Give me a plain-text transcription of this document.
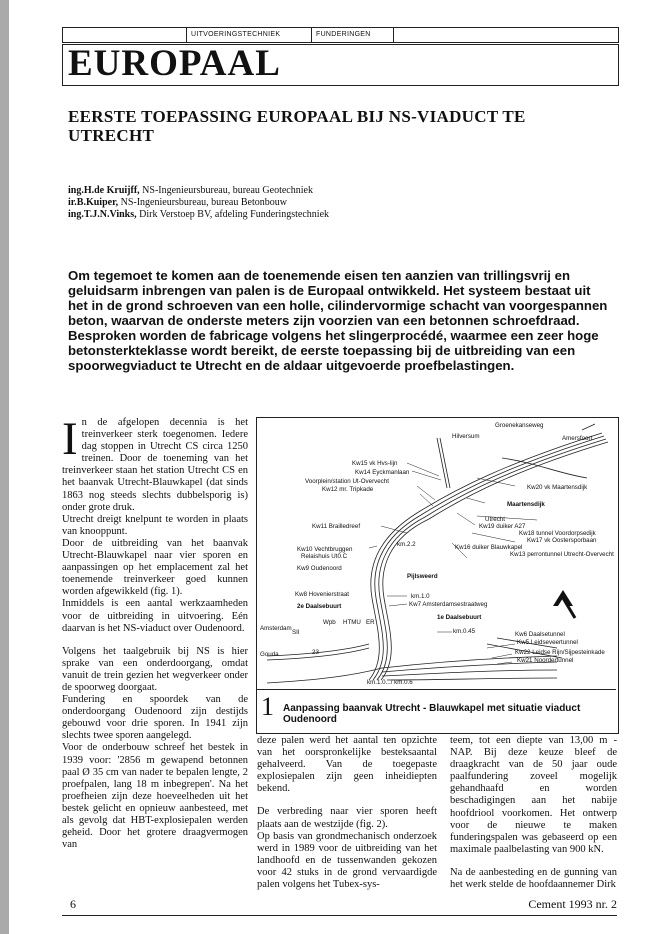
UITVOERINGSTECHNIEK	FUNDERINGEN
EUROPAAL
EERSTE TOEPASSING EUROPAAL BIJ NS-VIADUCT TE UTRECHT
ing.H.de Kruijff, NS-Ingenieursbureau, bureau Geotechniek
ir.B.Kuiper, NS-Ingenieursbureau, bureau Betonbouw
ing.T.J.N.Vinks, Dirk Verstoep BV, afdeling Funderingstechniek

Om tegemoet te komen aan de toenemende eisen ten aanzien van trillingsvrij en geluidsarm inbrengen van palen is de Europaal ontwikkeld. Het systeem bestaat uit het in de grond schroeven van een holle, cilindervormige schacht van voorgespannen beton, waarvan de onderste meters zijn voorzien van een betonnen schroefdraad.

Besproken worden de fabricage volgens het slingerprocédé, waarmee een zeer hoge betonsterkteklasse wordt bereikt, de eerste toepassing bij de uitbreiding van een spoorwegviaduct te Utrecht en de aldaar uitgevoerde proefbelastingen.

In de afgelopen decennia is het treinverkeer sterk toegenomen. Iedere dag stoppen in Utrecht CS circa 1250 treinen. Door de toeneming van het treinverkeer staan het station Utrecht CS en het baanvak Utrecht-Blauwkapel (dat sinds 1863 nog steeds slechts dubbelsporig is) onder grote druk.

Utrecht dreigt knelpunt te worden in plaats van knooppunt.

Door de uitbreiding van het baanvak Utrecht-Blauwkapel naar vier sporen en aanpassingen op het emplacement zal het toenemende treinverkeer goed kunnen worden afgewikkeld (fig. 1).

Inmiddels is een aantal werkzaamheden voor de uitbreiding in uitvoering. Eén daarvan is het NS-viaduct over Oudenoord.

Volgens het taalgebruik bij NS is hier sprake van een onderdoorgang, omdat vanuit de trein gezien het wegverkeer onder de spoorweg doorgaat.

Fundering en spoordek van de onderdoorgang Oudenoord zijn destijds gebouwd voor drie sporen. In 1941 zijn slechts twee sporen aangelegd.

Voor de onderbouw schreef het bestek in 1939 voor: '2856 m gewapend betonnen paal Ø 35 cm van nader te bepalen lengte, 2 proefpalen, lang 18 m inbegrepen'. Na het proefheien zijn deze hoeveelheden uit het bestek gelicht en opnieuw aanbesteed, met als gevolg dat HBT-explosiepalen werden geheid. Door het grotere draagvermogen van

Groenekanseweg
Amersfoort
Hilversum
Kw15 vk Hvs-lijn
Kw14 Eyckmanlaan
Voorplein/station Ut-Overvecht
Kw12 mr. Tripkade	Kw20 vk Maartensdijk
Maartensdijk
Kw11 Brailledreef	Kw19 duiker A27
Kw18 tunnel Voordorpsedijk
Kw17 vk Oostersporbaan
Kw16 duiker Blauwkapel
Kw13 perrontunnel Utrecht-Overvecht
Utrecht
Kw10 Vechtbruggen
Relaishuis Ut0.C
km.2.2
Kw9 Oudenoord
Pijlsweerd
Kw8 Hovenierstraat	km.1.0
2e Daalsebuurt	Kw7 Amsterdamsestraatweg
1e Daalsebuurt
Amsterdam
SII
Wpb HTMU ER
km.0.45	Kw6 Daalsetunnel
Kw5 Leidseveertunnel
Kw22 Leidse Rijn/Sijpesteinkade
Kw21 Noordertunnel
Gouda	23
km.1.0.../ km.0.6
1 Aanpassing baanvak Utrecht - Blauwkapel met situatie viaduct Oudenoord

deze palen werd het aantal ten opzichte van het oorspronkelijke besteksaantal gehalveerd. Van de toegepaste explosiepalen zijn geen inheidiepten bekend.

De verbreding naar vier sporen heeft plaats aan de westzijde (fig. 2).

Op basis van grondmechanisch onderzoek werd in 1989 voor de uitbreiding van het landhoofd en de tussenwanden gekozen voor 42 stuks in de grond vervaardigde palen volgens het Tubex-sys-

teem, tot een diepte van 13,00 m - NAP. Bij deze keuze bleef de draagkracht van de 50 jaar oude paalfundering zoveel mogelijk gehandhaafd en worden beschadigingen aan het nabije hoofdriool voorkomen. Het ontwerp voor de nieuwe te maken funderingspalen was gebaseerd op een maximale paalbelasting van 900 kN.

Na de aanbesteding en de gunning van het werk stelde de hoofdaannemer Dirk

6	Cement 1993 nr. 2
